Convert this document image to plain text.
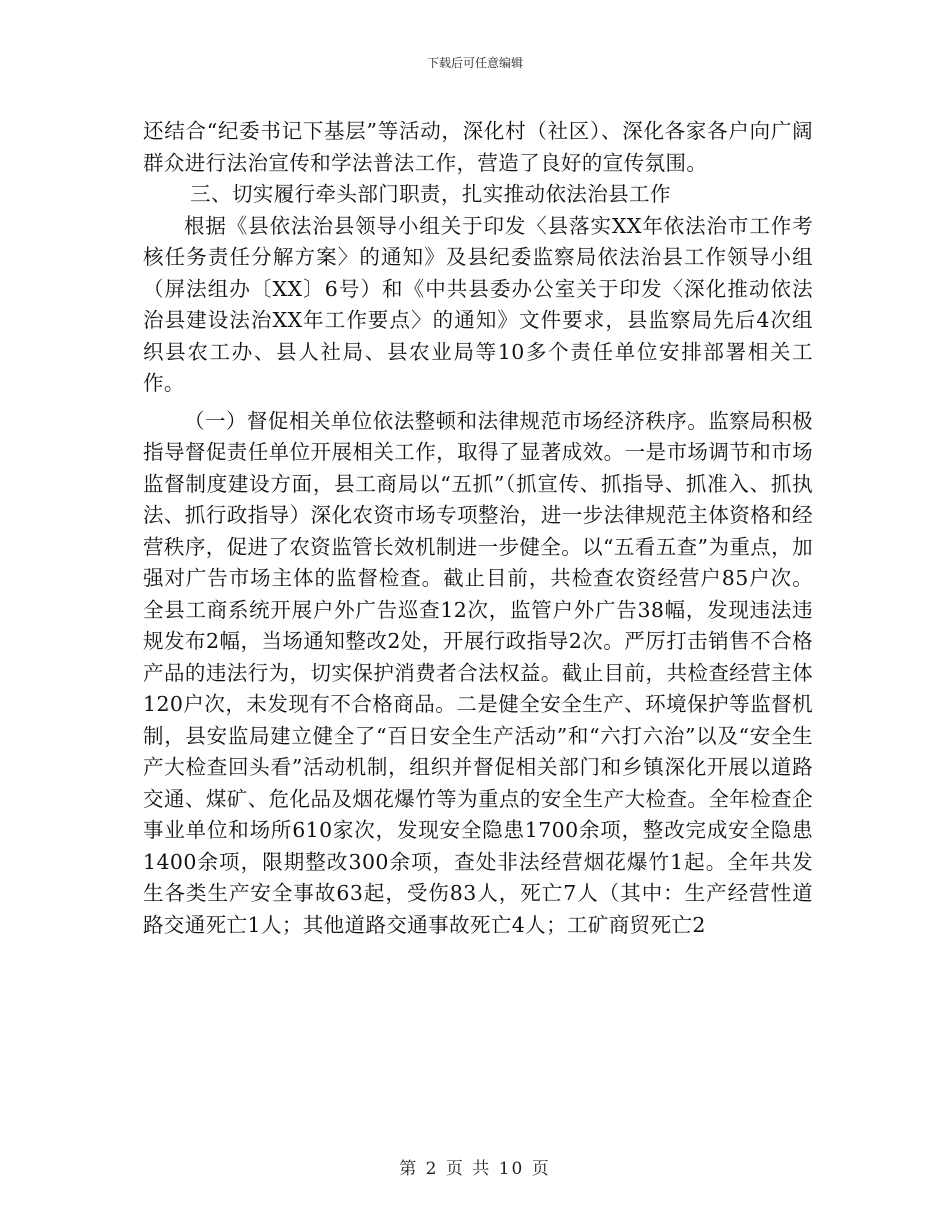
下载后可任意编辑

还结合“纪委书记下基层”等活动，深化村（社区）、深化各家各户向广阔群众进行法治宣传和学法普法工作，营造了良好的宣传氛围。

三、切实履行牵头部门职责，扎实推动依法治县工作

根据《县依法治县领导小组关于印发〈县落实XX年依法治市工作考核任务责任分解方案〉的通知》及县纪委监察局依法治县工作领导小组（屏法组办〔XX〕6号）和《中共县委办公室关于印发〈深化推动依法治县建设法治XX年工作要点〉的通知》文件要求，县监察局先后4次组织县农工办、县人社局、县农业局等10多个责任单位安排部署相关工作。

（一）督促相关单位依法整顿和法律规范市场经济秩序。监察局积极指导督促责任单位开展相关工作，取得了显著成效。一是市场调节和市场监督制度建设方面，县工商局以“五抓”（抓宣传、抓指导、抓准入、抓执法、抓行政指导）深化农资市场专项整治，进一步法律规范主体资格和经营秩序，促进了农资监管长效机制进一步健全。以“五看五查”为重点，加强对广告市场主体的监督检查。截止目前，共检查农资经营户85户次。全县工商系统开展户外广告巡查12次，监管户外广告38幅，发现违法违规发布2幅，当场通知整改2处，开展行政指导2次。严厉打击销售不合格产品的违法行为，切实保护消费者合法权益。截止目前，共检查经营主体120户次，未发现有不合格商品。二是健全安全生产、环境保护等监督机制，县安监局建立健全了“百日安全生产活动”和“六打六治”以及“安全生产大检查回头看”活动机制，组织并督促相关部门和乡镇深化开展以道路交通、煤矿、危化品及烟花爆竹等为重点的安全生产大检查。全年检查企事业单位和场所610家次，发现安全隐患1700余项，整改完成安全隐患1400余项，限期整改300余项，查处非法经营烟花爆竹1起。全年共发生各类生产安全事故63起，受伤83人，死亡7人（其中：生产经营性道路交通死亡1人；其他道路交通事故死亡4人；工矿商贸死亡2

第 2 页 共 10 页
